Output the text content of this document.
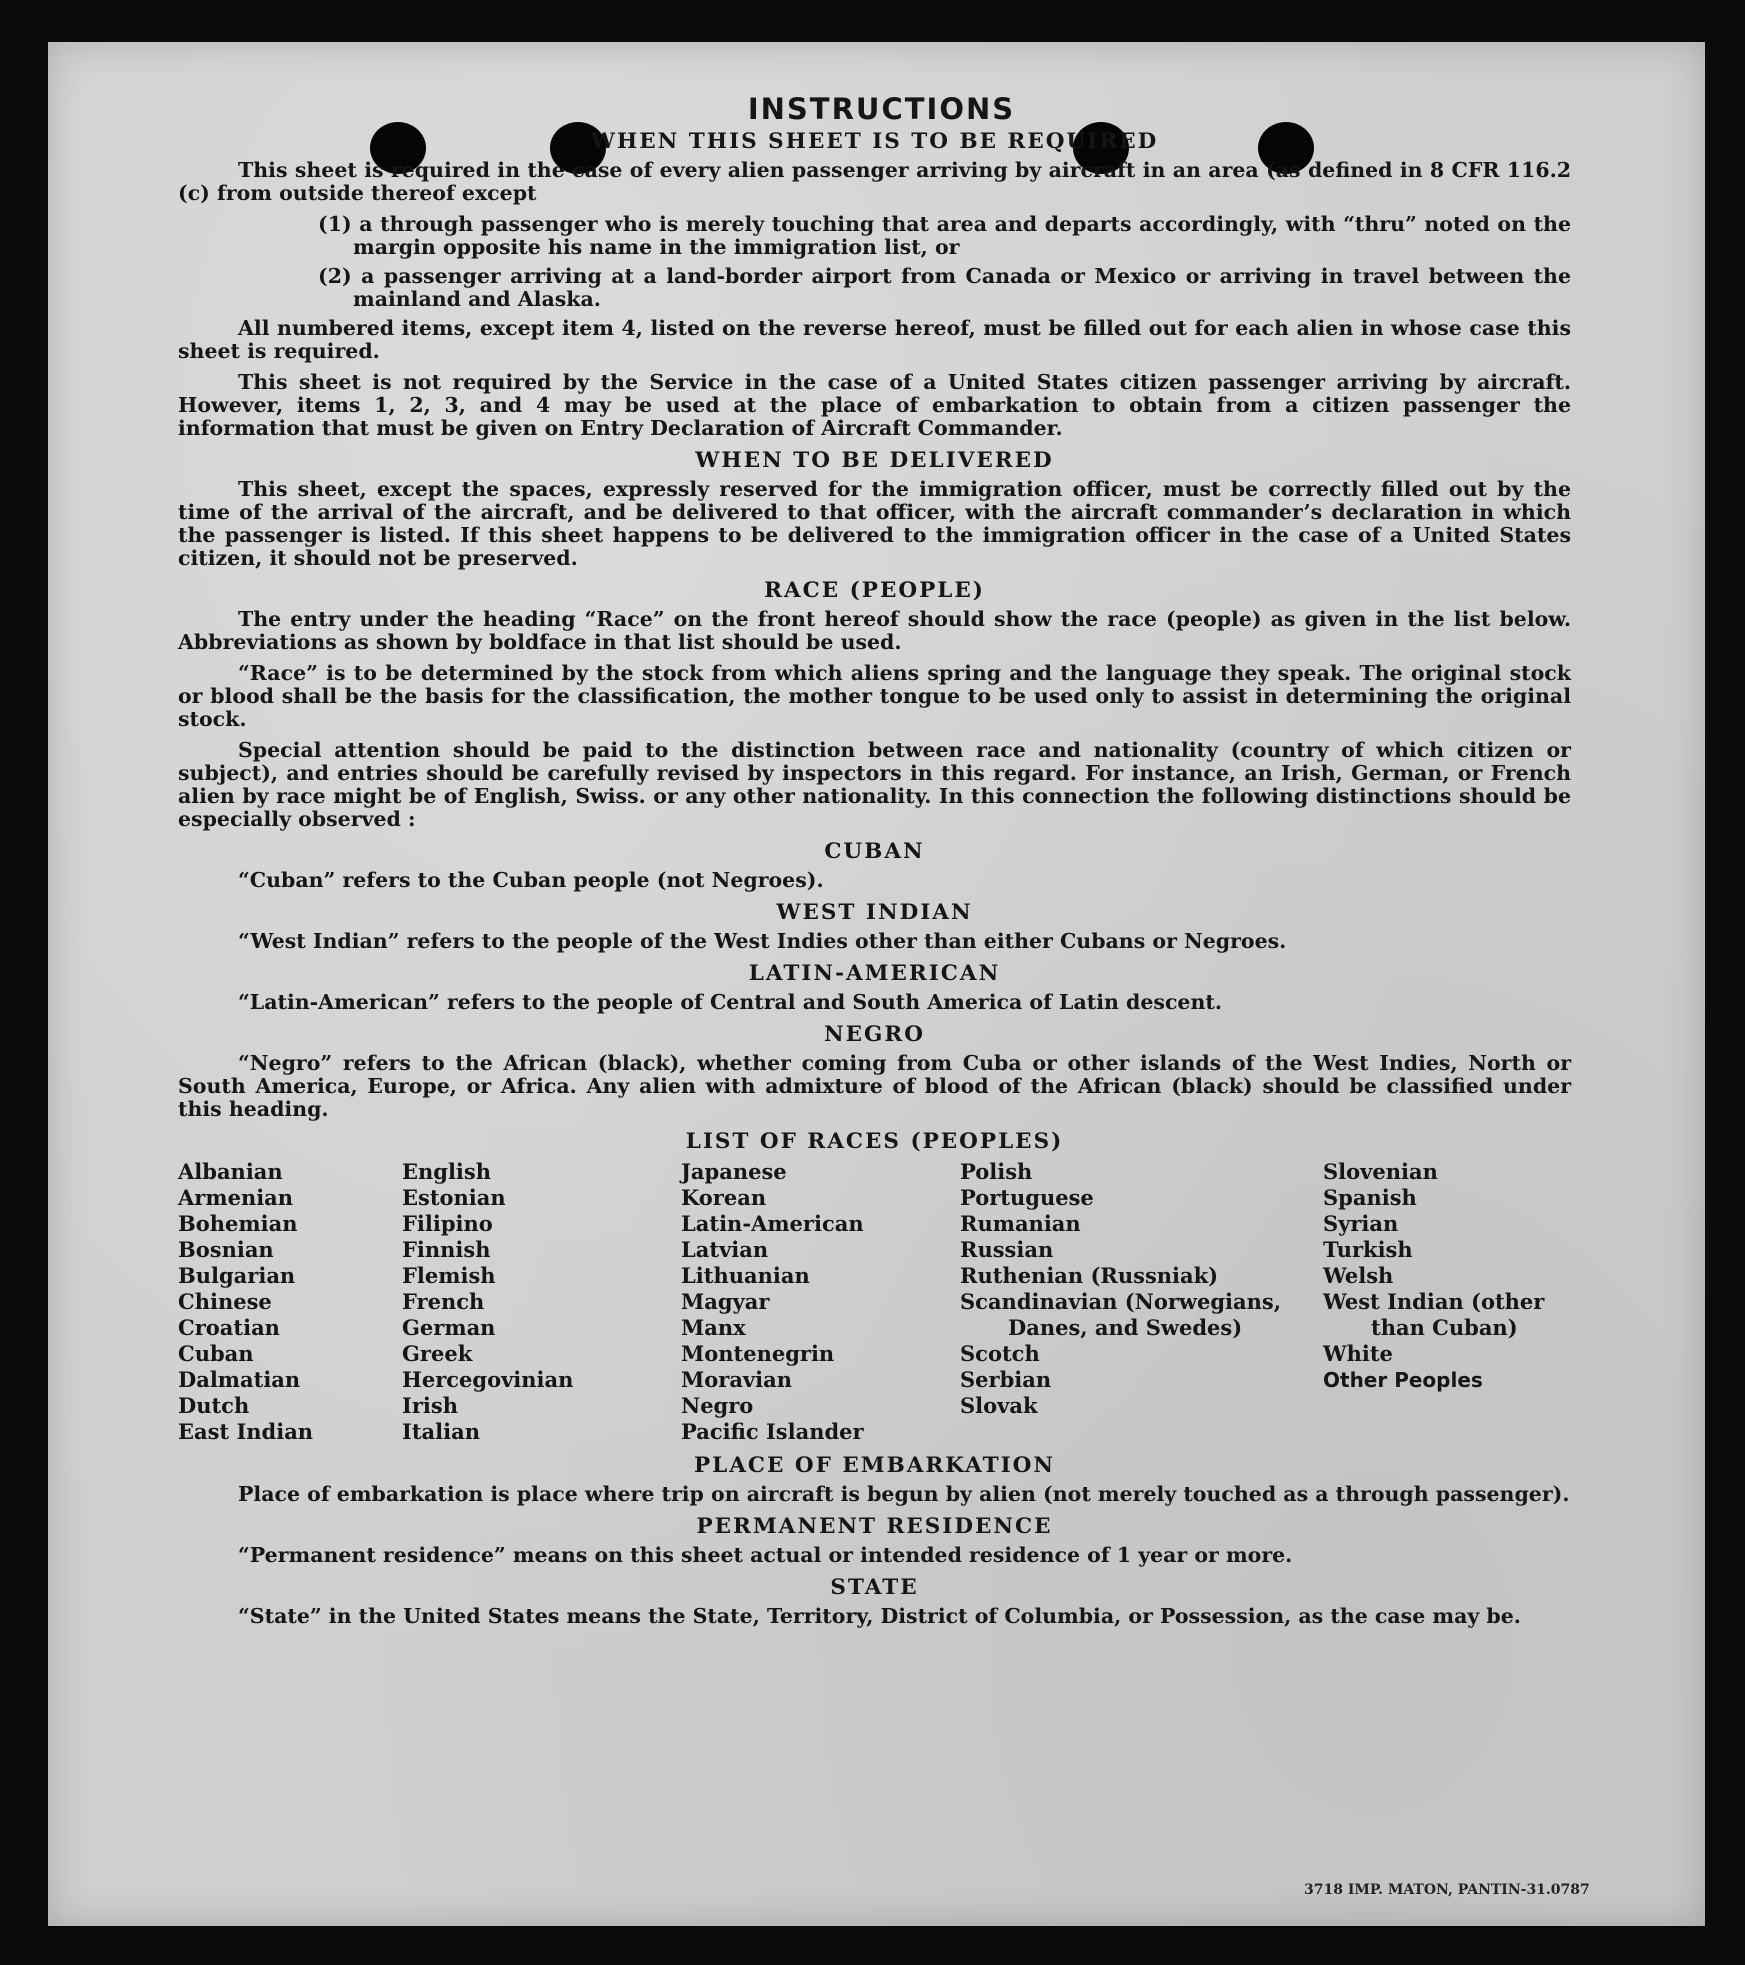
3718 IMP. MATON, PANTIN-31.0787
INSTRUCTIONS
WHEN THIS SHEET IS TO BE REQUIRED

This sheet is required in the case of every alien passenger arriving by aircraft in an area (as defined in 8 CFR 116.2 (c) from outside thereof except

(1) a through passenger who is merely touching that area and departs accordingly, with “thru” noted on the margin opposite his name in the immigration list, or
(2) a passenger arriving at a land-border airport from Canada or Mexico or arriving in travel between the mainland and Alaska.

All numbered items, except item 4, listed on the reverse hereof, must be filled out for each alien in whose case this sheet is required.

This sheet is not required by the Service in the case of a United States citizen passenger arriving by aircraft. However, items 1, 2, 3, and 4 may be used at the place of embarkation to obtain from a citizen passenger the information that must be given on Entry Declaration of Aircraft Commander.

WHEN TO BE DELIVERED

This sheet, except the spaces, expressly reserved for the immigration officer, must be correctly filled out by the time of the arrival of the aircraft, and be delivered to that officer, with the aircraft commander’s declaration in which the passenger is listed. If this sheet happens to be delivered to the immigration officer in the case of a United States citizen, it should not be preserved.

RACE (PEOPLE)

The entry under the heading “Race” on the front hereof should show the race (people) as given in the list below. Abbreviations as shown by boldface in that list should be used.

“Race” is to be determined by the stock from which aliens spring and the language they speak. The original stock or blood shall be the basis for the classification, the mother tongue to be used only to assist in determining the original stock.

Special attention should be paid to the distinction between race and nationality (country of which citizen or subject), and entries should be carefully revised by inspectors in this regard. For instance, an Irish, German, or French alien by race might be of English, Swiss. or any other nationality. In this connection the following distinctions should be especially observed :

CUBAN

“Cuban” refers to the Cuban people (not Negroes).

WEST INDIAN

“West Indian” refers to the people of the West Indies other than either Cubans or Negroes.

LATIN-AMERICAN

“Latin-American” refers to the people of Central and South America of Latin descent.

NEGRO

“Negro” refers to the African (black), whether coming from Cuba or other islands of the West Indies, North or South America, Europe, or Africa. Any alien with admixture of blood of the African (black) should be classified under this heading.

LIST OF RACES (PEOPLES)
Albanian
Armenian
Bohemian
Bosnian
Bulgarian
Chinese
Croatian
Cuban
Dalmatian
Dutch
East Indian
English
Estonian
Filipino
Finnish
Flemish
French
German
Greek
Hercegovinian
Irish
Italian
Japanese
Korean
Latin-American
Latvian
Lithuanian
Magyar
Manx
Montenegrin
Moravian
Negro
Pacific Islander
Polish
Portuguese
Rumanian
Russian
Ruthenian (Russniak)
Scandinavian (Norwegians, Danes, and Swedes)
Scotch
Serbian
Slovak
Slovenian
Spanish
Syrian
Turkish
Welsh
West Indian (other than Cuban)
White
Other Peoples
PLACE OF EMBARKATION

Place of embarkation is place where trip on aircraft is begun by alien (not merely touched as a through passenger).

PERMANENT RESIDENCE

“Permanent residence” means on this sheet actual or intended residence of 1 year or more.

STATE

“State” in the United States means the State, Territory, District of Columbia, or Possession, as the case may be.
